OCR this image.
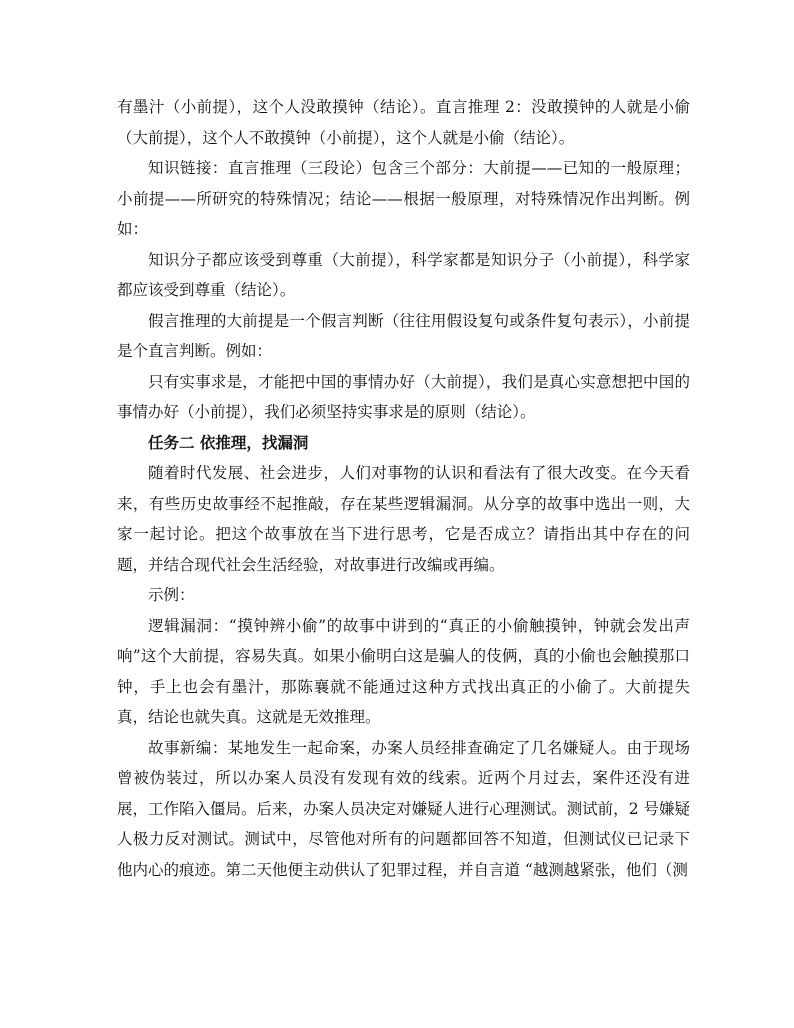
有墨汁（小前提），这个人没敢摸钟（结论）。直言推理 2：没敢摸钟的人就是小偷（大前提），这个人不敢摸钟（小前提），这个人就是小偷（结论）。

知识链接：直言推理（三段论）包含三个部分：大前提——已知的一般原理；小前提——所研究的特殊情况；结论——根据一般原理，对特殊情况作出判断。例如：

知识分子都应该受到尊重（大前提），科学家都是知识分子（小前提），科学家都应该受到尊重（结论）。

假言推理的大前提是一个假言判断（往往用假设复句或条件复句表示），小前提是个直言判断。例如：

只有实事求是，才能把中国的事情办好（大前提），我们是真心实意想把中国的事情办好（小前提），我们必须坚持实事求是的原则（结论）。

任务二 依推理，找漏洞

随着时代发展、社会进步，人们对事物的认识和看法有了很大改变。在今天看来，有些历史故事经不起推敲，存在某些逻辑漏洞。从分享的故事中选出一则，大家一起讨论。把这个故事放在当下进行思考，它是否成立？请指出其中存在的问题，并结合现代社会生活经验，对故事进行改编或再编。

示例：

逻辑漏洞：“摸钟辨小偷”的故事中讲到的“真正的小偷触摸钟，钟就会发出声响”这个大前提，容易失真。如果小偷明白这是骗人的伎俩，真的小偷也会触摸那口钟，手上也会有墨汁，那陈襄就不能通过这种方式找出真正的小偷了。大前提失真，结论也就失真。这就是无效推理。

故事新编：某地发生一起命案，办案人员经排查确定了几名嫌疑人。由于现场曾被伪装过，所以办案人员没有发现有效的线索。近两个月过去，案件还没有进展，工作陷入僵局。后来，办案人员决定对嫌疑人进行心理测试。测试前，2 号嫌疑人极力反对测试。测试中，尽管他对所有的问题都回答不知道，但测试仪已记录下他内心的痕迹。第二天他便主动供认了犯罪过程，并自言道 “越测越紧张，他们（测
